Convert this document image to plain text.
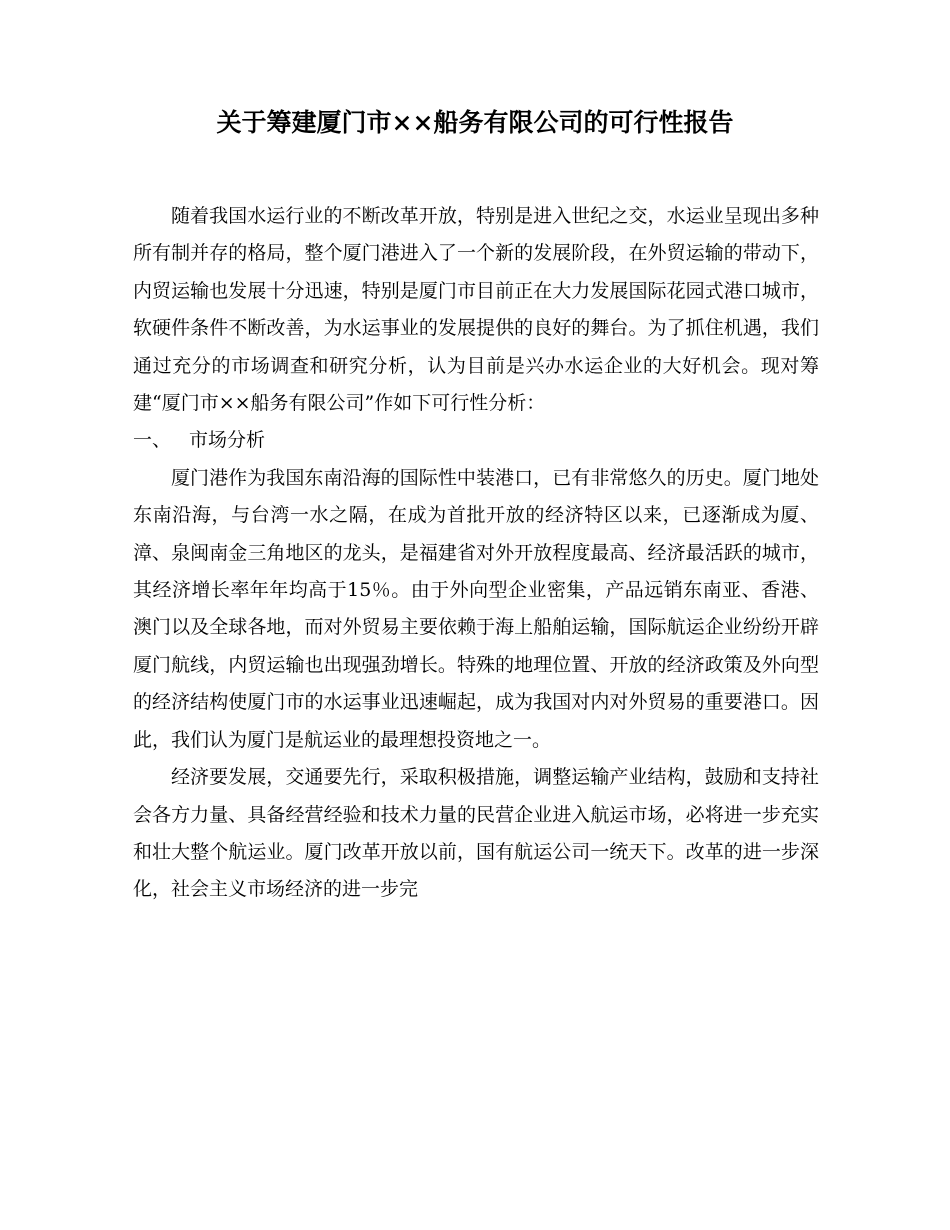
关于筹建厦门市××船务有限公司的可行性报告

随着我国水运行业的不断改革开放，特别是进入世纪之交，水运业呈现出多种所有制并存的格局，整个厦门港进入了一个新的发展阶段，在外贸运输的带动下，内贸运输也发展十分迅速，特别是厦门市目前正在大力发展国际花园式港口城市，软硬件条件不断改善，为水运事业的发展提供的良好的舞台。为了抓住机遇，我们通过充分的市场调查和研究分析，认为目前是兴办水运企业的大好机会。现对筹建“厦门市××船务有限公司”作如下可行性分析：

一、 市场分析

厦门港作为我国东南沿海的国际性中装港口，已有非常悠久的历史。厦门地处东南沿海，与台湾一水之隔，在成为首批开放的经济特区以来，已逐渐成为厦、漳、泉闽南金三角地区的龙头，是福建省对外开放程度最高、经济最活跃的城市，其经济增长率年年均高于15％。由于外向型企业密集，产品远销东南亚、香港、澳门以及全球各地，而对外贸易主要依赖于海上船舶运输，国际航运企业纷纷开辟厦门航线，内贸运输也出现强劲增长。特殊的地理位置、开放的经济政策及外向型的经济结构使厦门市的水运事业迅速崛起，成为我国对内对外贸易的重要港口。因此，我们认为厦门是航运业的最理想投资地之一。

经济要发展，交通要先行，采取积极措施，调整运输产业结构，鼓励和支持社会各方力量、具备经营经验和技术力量的民营企业进入航运市场，必将进一步充实和壮大整个航运业。厦门改革开放以前，国有航运公司一统天下。改革的进一步深化，社会主义市场经济的进一步完
